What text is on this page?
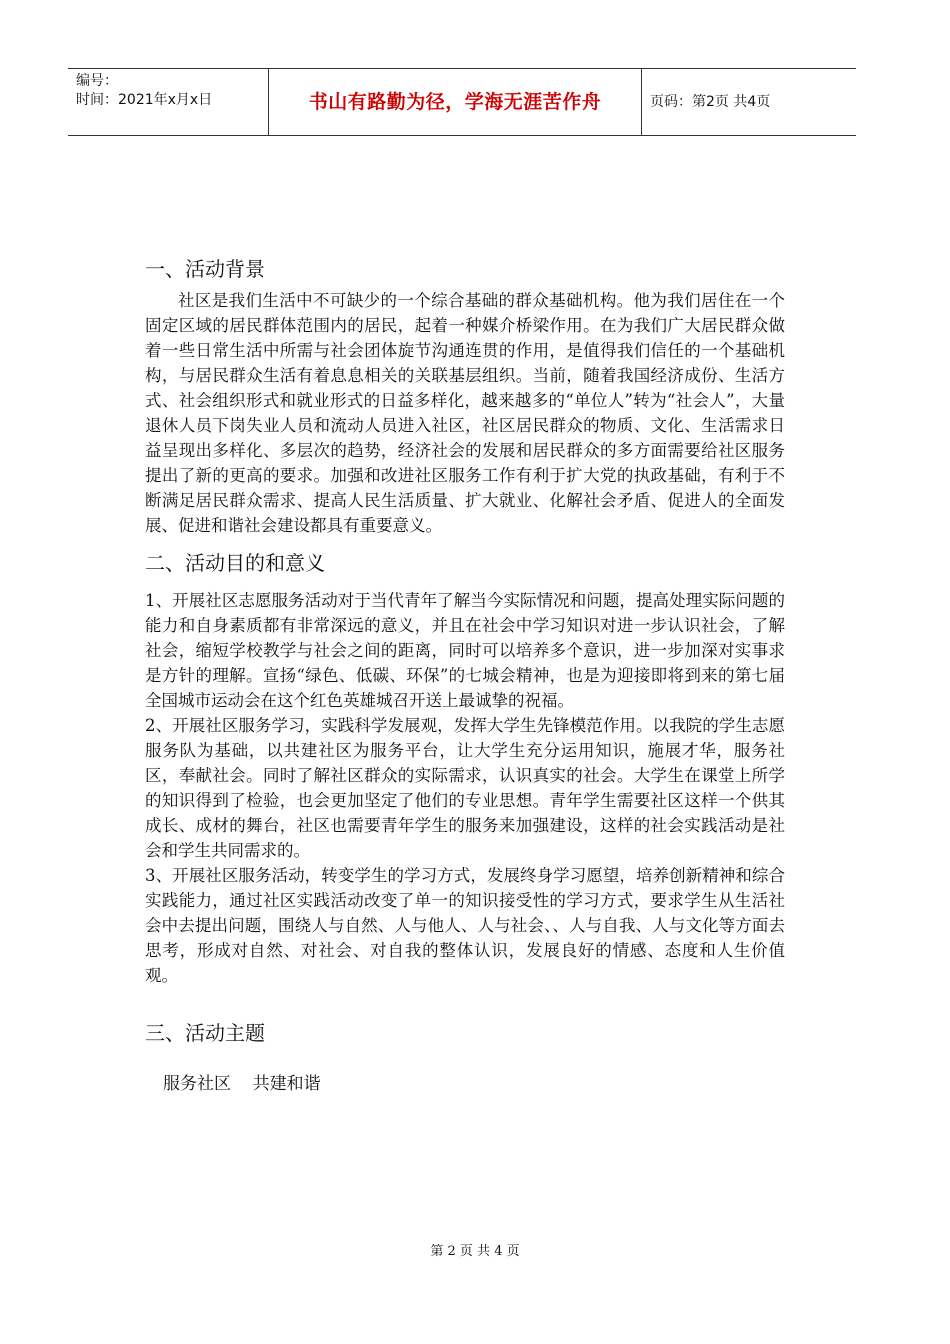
编号：
时间：2021年x月x日	书山有路勤为径，学海无涯苦作舟	页码：第2页 共4页
一、活动背景

社区是我们生活中不可缺少的一个综合基础的群众基础机构。他为我们居住在一个固定区域的居民群体范围内的居民，起着一种媒介桥梁作用。在为我们广大居民群众做着一些日常生活中所需与社会团体旋节沟通连贯的作用，是值得我们信任的一个基础机构，与居民群众生活有着息息相关的关联基层组织。当前，随着我国经济成份、生活方式、社会组织形式和就业形式的日益多样化，越来越多的“单位人”转为“社会人”，大量退休人员下岗失业人员和流动人员进入社区，社区居民群众的物质、文化、生活需求日益呈现出多样化、多层次的趋势，经济社会的发展和居民群众的多方面需要给社区服务提出了新的更高的要求。加强和改进社区服务工作有利于扩大党的执政基础，有利于不断满足居民群众需求、提高人民生活质量、扩大就业、化解社会矛盾、促进人的全面发展、促进和谐社会建设都具有重要意义。

二、活动目的和意义

1、开展社区志愿服务活动对于当代青年了解当今实际情况和问题，提高处理实际问题的能力和自身素质都有非常深远的意义，并且在社会中学习知识对进一步认识社会，了解社会，缩短学校教学与社会之间的距离，同时可以培养多个意识，进一步加深对实事求是方针的理解。宣扬“绿色、低碳、环保”的七城会精神，也是为迎接即将到来的第七届全国城市运动会在这个红色英雄城召开送上最诚挚的祝福。

2、开展社区服务学习，实践科学发展观，发挥大学生先锋模范作用。以我院的学生志愿服务队为基础，以共建社区为服务平台，让大学生充分运用知识，施展才华，服务社区，奉献社会。同时了解社区群众的实际需求，认识真实的社会。大学生在课堂上所学的知识得到了检验，也会更加坚定了他们的专业思想。青年学生需要社区这样一个供其成长、成材的舞台，社区也需要青年学生的服务来加强建设，这样的社会实践活动是社会和学生共同需求的。

3、开展社区服务活动，转变学生的学习方式，发展终身学习愿望，培养创新精神和综合实践能力，通过社区实践活动改变了单一的知识接受性的学习方式，要求学生从生活社会中去提出问题，围绕人与自然、人与他人、人与社会、、人与自我、人与文化等方面去思考，形成对自然、对社会、对自我的整体认识，发展良好的情感、态度和人生价值观。

三、活动主题
服务社区    共建和谐
第 2 页 共 4 页
